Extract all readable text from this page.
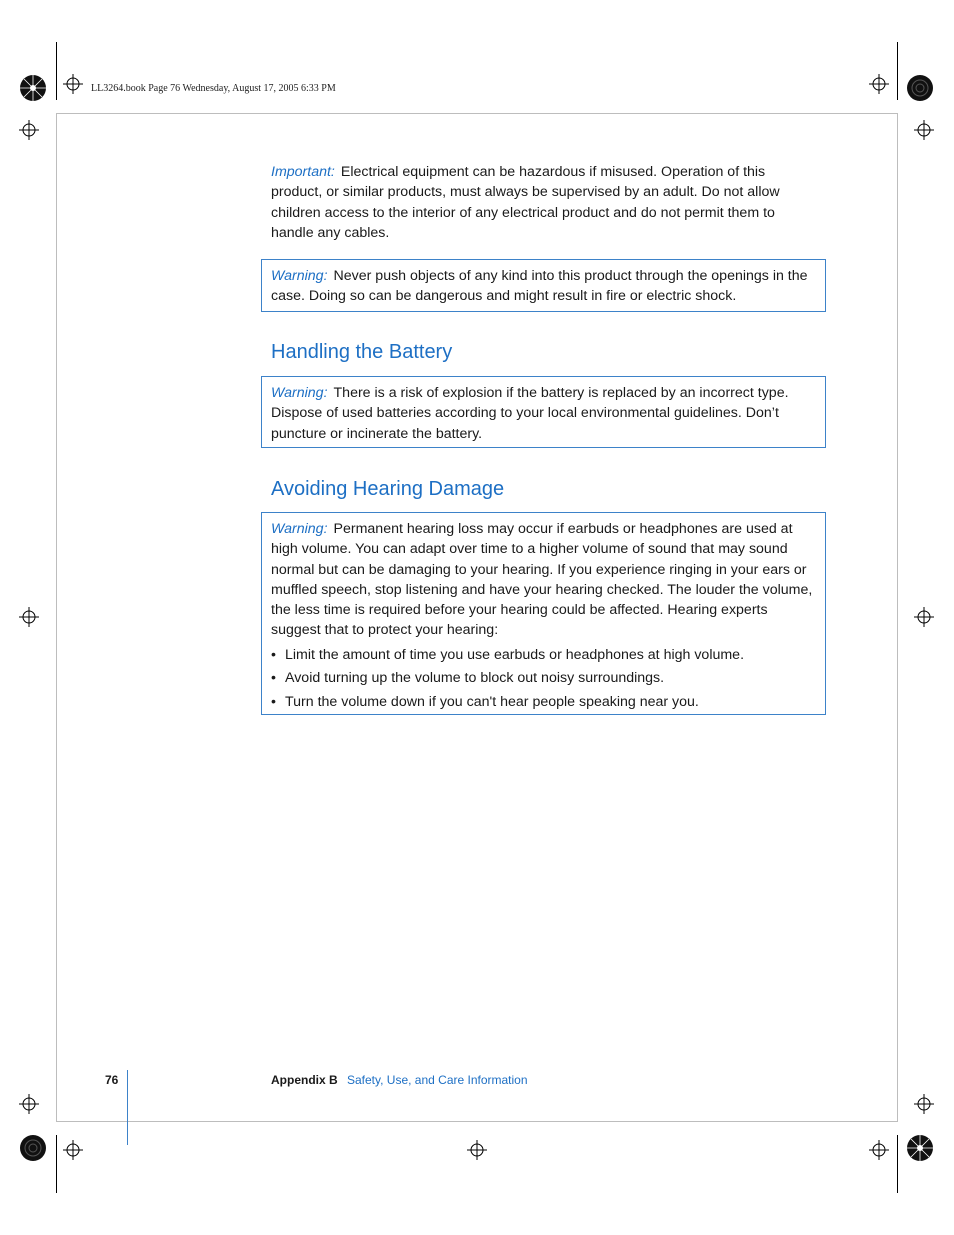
LL3264.book Page 76 Wednesday, August 17, 2005 6:33 PM
Important: Electrical equipment can be hazardous if misused. Operation of this product, or similar products, must always be supervised by an adult. Do not allow children access to the interior of any electrical product and do not permit them to handle any cables.
Warning: Never push objects of any kind into this product through the openings in the case. Doing so can be dangerous and might result in fire or electric shock.
Handling the Battery
Warning: There is a risk of explosion if the battery is replaced by an incorrect type. Dispose of used batteries according to your local environmental guidelines. Don’t puncture or incinerate the battery.
Avoiding Hearing Damage
Warning: Permanent hearing loss may occur if earbuds or headphones are used at high volume. You can adapt over time to a higher volume of sound that may sound normal but can be damaging to your hearing. If you experience ringing in your ears or muffled speech, stop listening and have your hearing checked. The louder the volume, the less time is required before your hearing could be affected. Hearing experts suggest that to protect your hearing:
• Limit the amount of time you use earbuds or headphones at high volume.
• Avoid turning up the volume to block out noisy surroundings.
• Turn the volume down if you can't hear people speaking near you.
76	Appendix B Safety, Use, and Care Information
